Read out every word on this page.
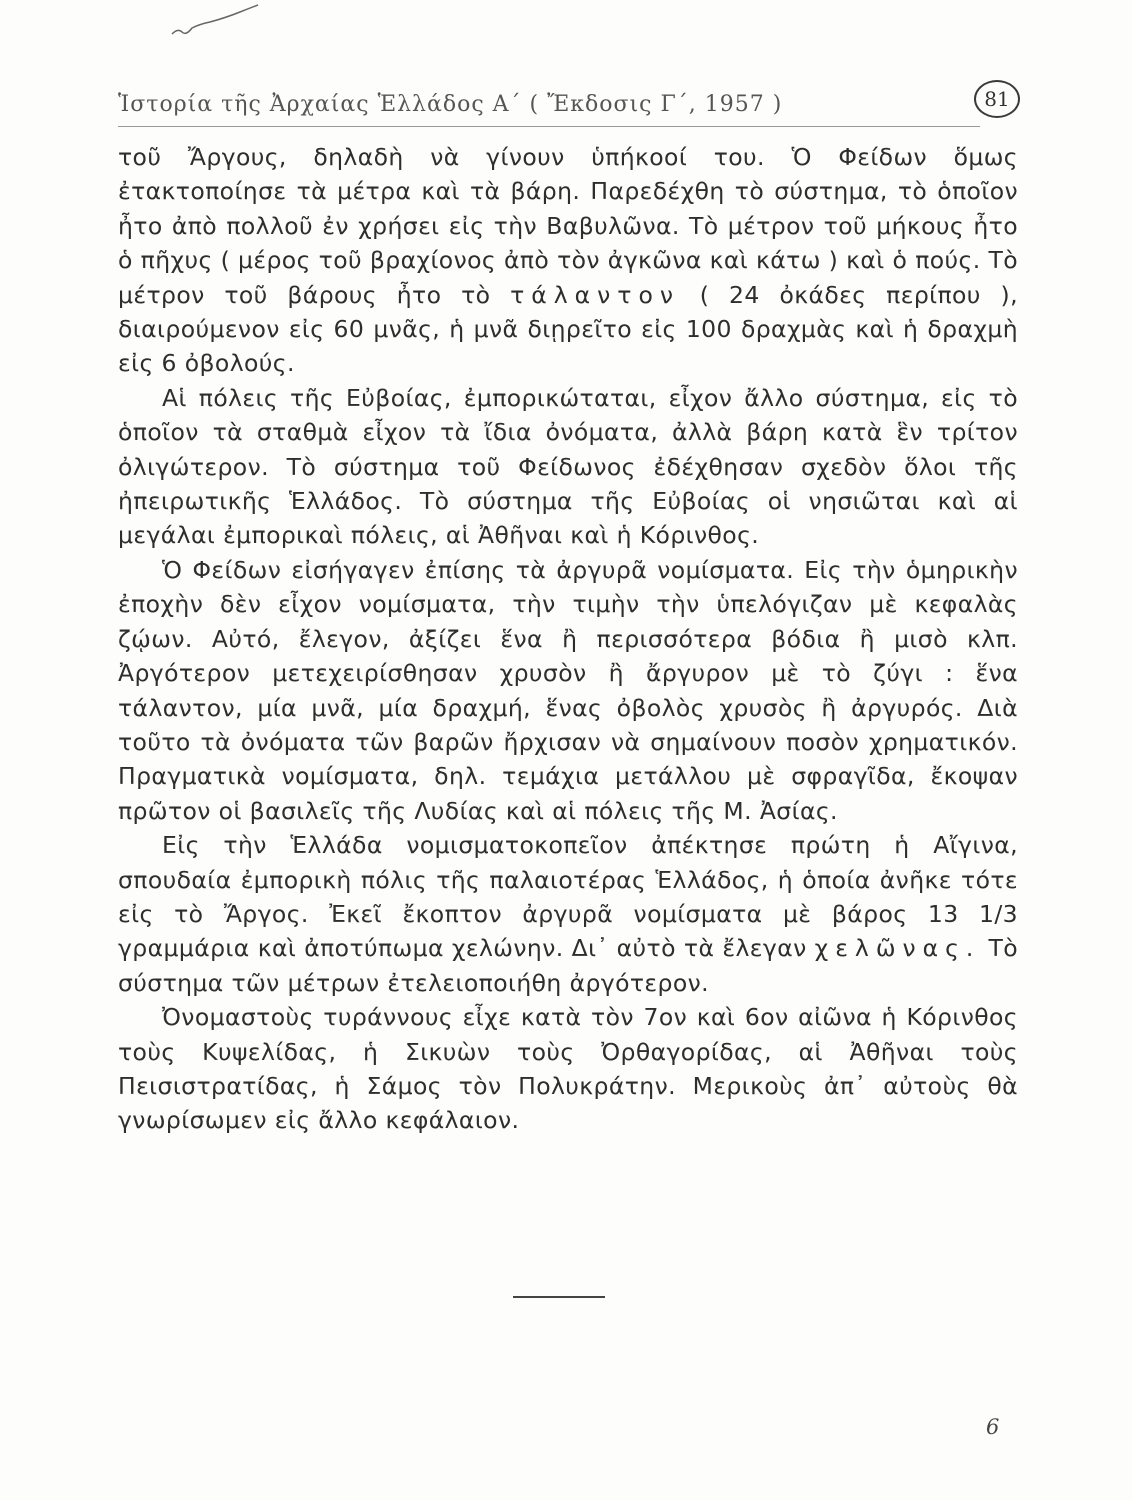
Ἱστορία τῆς Ἀρχαίας Ἑλλάδος Α΄ ( Ἔκδοσις Γ΄, 1957 )	81

τοῦ Ἄργους, δηλαδὴ νὰ γίνουν ὑπήκοοί του. Ὁ Φείδων ὅμως ἐτακτοποίησε τὰ μέτρα καὶ τὰ βάρη. Παρεδέχθη τὸ σύστημα, τὸ ὁποῖον ἦτο ἀπὸ πολλοῦ ἐν χρήσει εἰς τὴν Βαβυλῶνα. Τὸ μέτρον τοῦ μήκους ἦτο ὁ πῆχυς ( μέρος τοῦ βραχίονος ἀπὸ τὸν ἀγκῶνα καὶ κάτω ) καὶ ὁ πούς. Τὸ μέτρον τοῦ βάρους ἦτο τὸ τάλαντον ( 24 ὀκάδες περίπου ), διαιρούμενον εἰς 60 μνᾶς, ἡ μνᾶ διῃρεῖτο εἰς 100 δραχμὰς καὶ ἡ δραχμὴ εἰς 6 ὀβολούς.

Αἱ πόλεις τῆς Εὐβοίας, ἐμπορικώταται, εἶχον ἄλλο σύστημα, εἰς τὸ ὁποῖον τὰ σταθμὰ εἶχον τὰ ἴδια ὀνόματα, ἀλλὰ βάρη κατὰ ἓν τρίτον ὀλιγώτερον. Τὸ σύστημα τοῦ Φείδωνος ἐδέχθησαν σχεδὸν ὅλοι τῆς ἠπειρωτικῆς Ἑλλάδος. Τὸ σύστημα τῆς Εὐβοίας οἱ νησιῶται καὶ αἱ μεγάλαι ἐμπορικαὶ πόλεις, αἱ Ἀθῆναι καὶ ἡ Κόρινθος.

Ὁ Φείδων εἰσήγαγεν ἐπίσης τὰ ἀργυρᾶ νομίσματα. Εἰς τὴν ὁμηρικὴν ἐποχὴν δὲν εἶχον νομίσματα, τὴν τιμὴν τὴν ὑπελόγιζαν μὲ κεφαλὰς ζῴων. Αὐτό, ἔλεγον, ἀξίζει ἕνα ἢ περισσότερα βόδια ἢ μισὸ κλπ. Ἀργότερον μετεχειρίσθησαν χρυσὸν ἢ ἄργυρον μὲ τὸ ζύγι : ἕνα τάλαντον, μία μνᾶ, μία δραχμή, ἕνας ὀβολὸς χρυσὸς ἢ ἀργυρός. Διὰ τοῦτο τὰ ὀνόματα τῶν βαρῶν ἤρχισαν νὰ σημαίνουν ποσὸν χρηματικόν. Πραγματικὰ νομίσματα, δηλ. τεμάχια μετάλλου μὲ σφραγῖδα, ἔκοψαν πρῶτον οἱ βασιλεῖς τῆς Λυδίας καὶ αἱ πόλεις τῆς Μ. Ἀσίας.

Εἰς τὴν Ἑλλάδα νομισματοκοπεῖον ἀπέκτησε πρώτη ἡ Αἴγινα, σπουδαία ἐμπορικὴ πόλις τῆς παλαιοτέρας Ἑλλάδος, ἡ ὁποία ἀνῆκε τότε εἰς τὸ Ἄργος. Ἐκεῖ ἔκοπτον ἀργυρᾶ νομίσματα μὲ βάρος 13 1/3 γραμμάρια καὶ ἀποτύπωμα χελώνην. Δι᾽ αὐτὸ τὰ ἔλεγαν χελῶνας. Τὸ σύστημα τῶν μέτρων ἐτελειοποιήθη ἀργότερον.

Ὀνομαστοὺς τυράννους εἶχε κατὰ τὸν 7ον καὶ 6ον αἰῶνα ἡ Κόρινθος τοὺς Κυψελίδας, ἡ Σικυὼν τοὺς Ὀρθαγορίδας, αἱ Ἀθῆναι τοὺς Πεισιστρατίδας, ἡ Σάμος τὸν Πολυκράτην. Μερικοὺς ἀπ᾽ αὐτοὺς θὰ γνωρίσωμεν εἰς ἄλλο κεφάλαιον.

6
